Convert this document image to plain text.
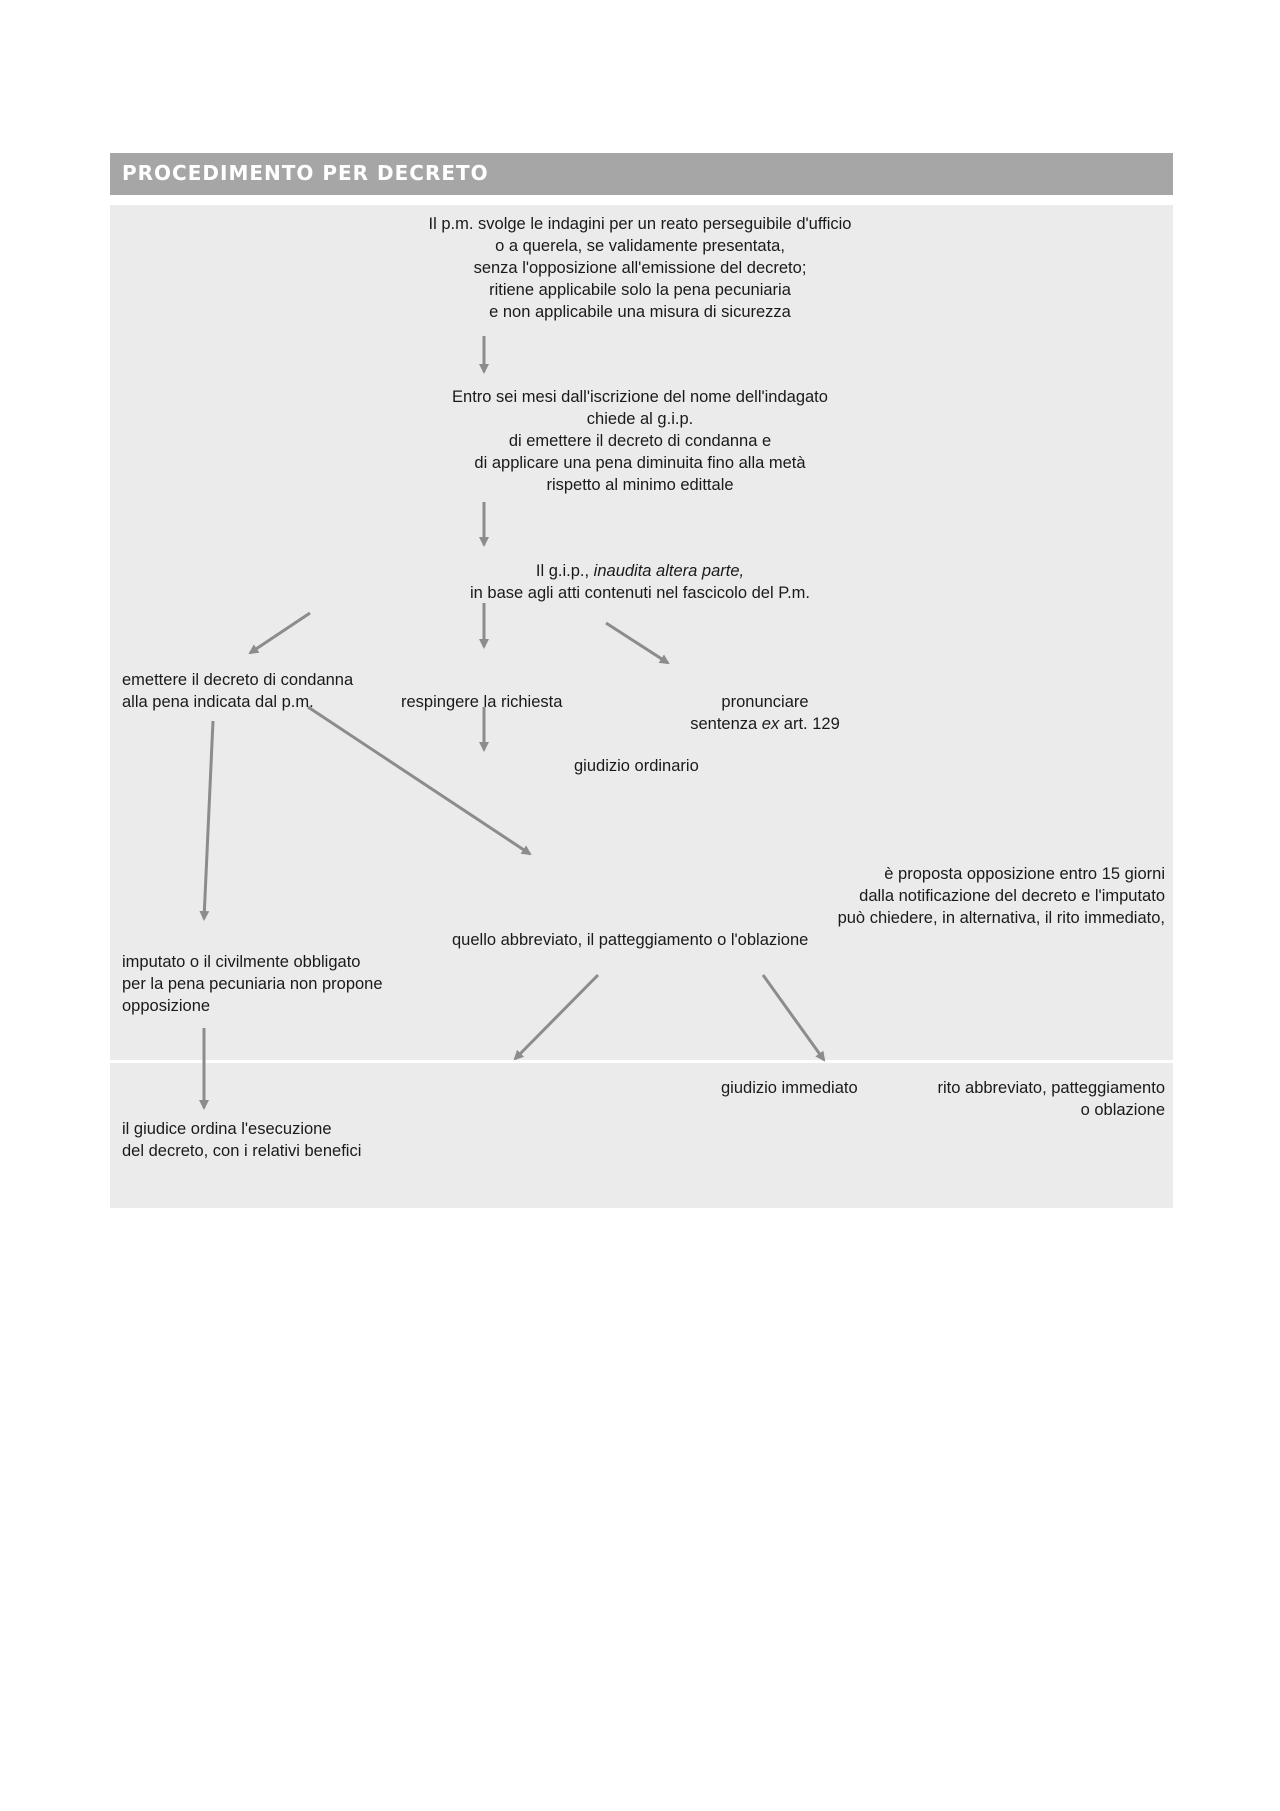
PROCEDIMENTO PER DECRETO
Il p.m. svolge le indagini per un reato perseguibile d'ufficio
o a querela, se validamente presentata,
senza l'opposizione all'emissione del decreto;
ritiene applicabile solo la pena pecuniaria
e non applicabile una misura di sicurezza
Entro sei mesi dall'iscrizione del nome dell'indagato
chiede al g.i.p.
di emettere il decreto di condanna e
di applicare una pena diminuita fino alla metà
rispetto al minimo edittale
Il g.i.p., inaudita altera parte,
in base agli atti contenuti nel fascicolo del P.m.
emettere il decreto di condanna
alla pena indicata dal p.m.	respingere la richiesta	pronunciare
sentenza ex art. 129
giudizio ordinario
è proposta opposizione entro 15 giorni
dalla notificazione del decreto e l'imputato
può chiedere, in alternativa, il rito immediato,
quello abbreviato, il patteggiamento o l'oblazione
imputato o il civilmente obbligato
per la pena pecuniaria non propone
opposizione
giudizio immediato	rito abbreviato, patteggiamento
o oblazione
il giudice ordina l'esecuzione
del decreto, con i relativi benefici
